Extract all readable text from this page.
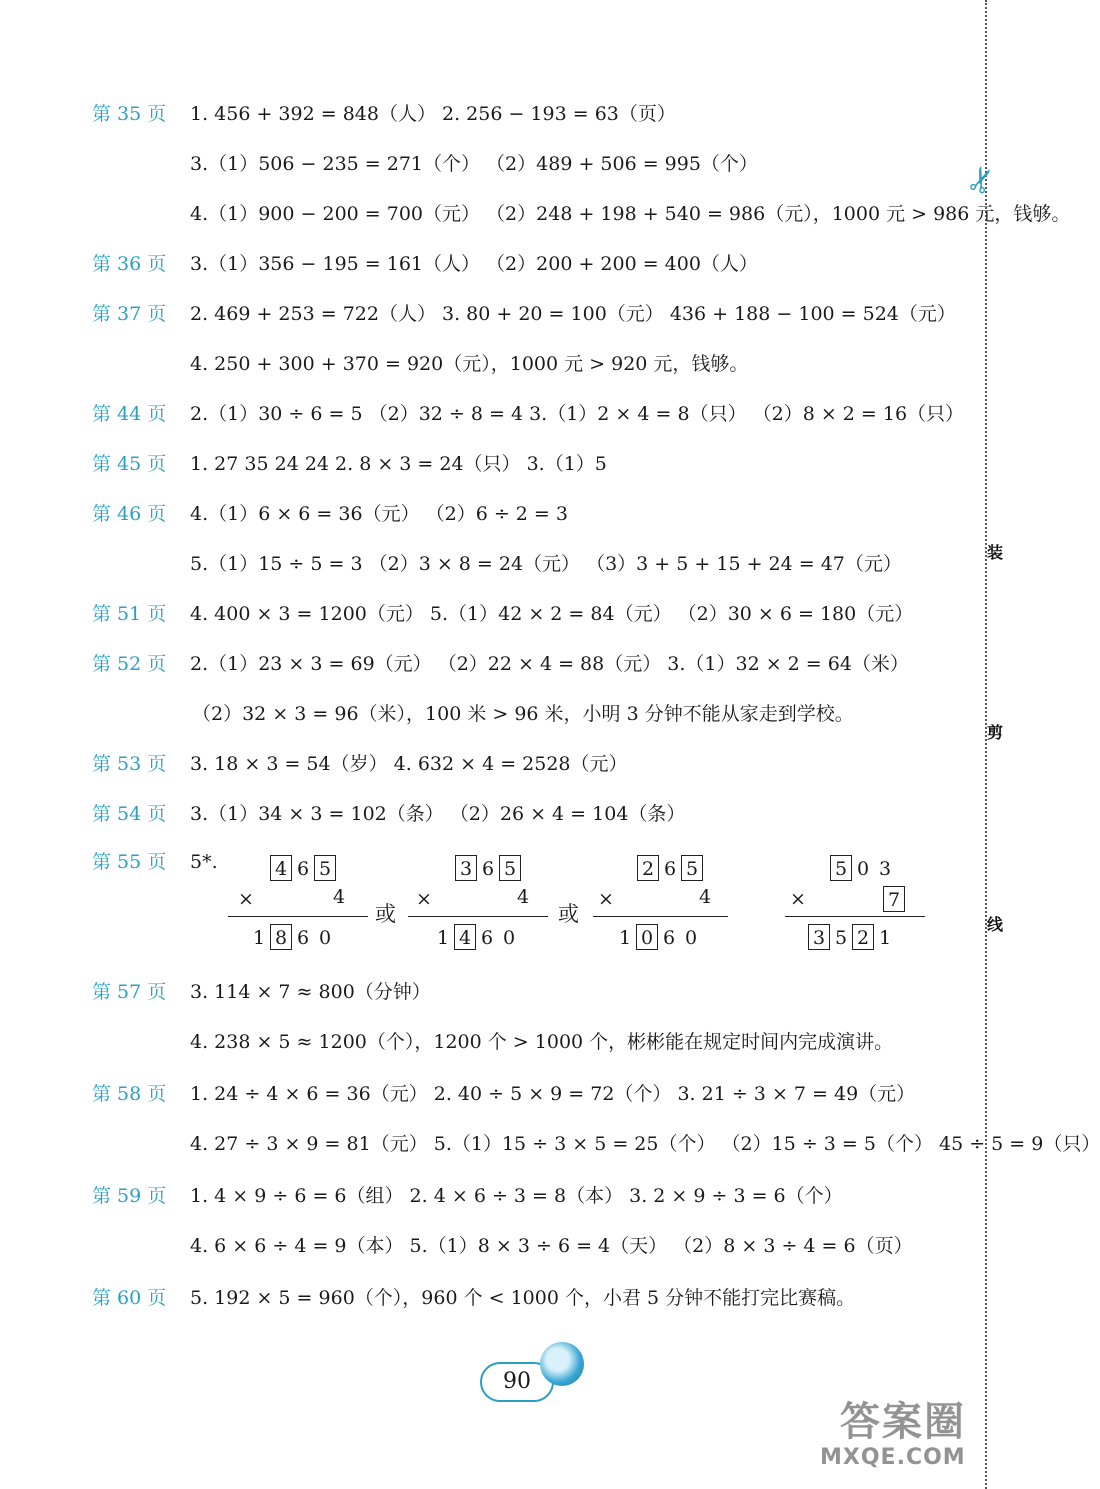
✂
装
剪
线
第 35 页 1. 456 + 392 = 848（人） 2. 256 − 193 = 63（页）
3.（1）506 − 235 = 271（个） （2）489 + 506 = 995（个）
4.（1）900 − 200 = 700（元） （2）248 + 198 + 540 = 986（元），1000 元 > 986 元，钱够。
第 36 页 3.（1）356 − 195 = 161（人） （2）200 + 200 = 400（人）
第 37 页 2. 469 + 253 = 722（人） 3. 80 + 20 = 100（元） 436 + 188 − 100 = 524（元）
4. 250 + 300 + 370 = 920（元），1000 元 > 920 元，钱够。
第 44 页 2.（1）30 ÷ 6 = 5 （2）32 ÷ 8 = 4 3.（1）2 × 4 = 8（只） （2）8 × 2 = 16（只）
第 45 页 1. 27 35 24 24 2. 8 × 3 = 24（只） 3.（1）5
第 46 页 4.（1）6 × 6 = 36（元） （2）6 ÷ 2 = 3
5.（1）15 ÷ 5 = 3 （2）3 × 8 = 24（元） （3）3 + 5 + 15 + 24 = 47（元）
第 51 页 4. 400 × 3 = 1200（元） 5.（1）42 × 2 = 84（元） （2）30 × 6 = 180（元）
第 52 页 2.（1）23 × 3 = 69（元） （2）22 × 4 = 88（元） 3.（1）32 × 2 = 64（米）
（2）32 × 3 = 96（米），100 米 > 96 米，小明 3 分钟不能从家走到学校。
第 53 页 3. 18 × 3 = 54（岁） 4. 632 × 4 = 2528（元）
第 54 页 3.（1）34 × 3 = 102（条） （2）26 × 4 = 104（条）
第 55 页 5*.
第 57 页 3. 114 × 7 ≈ 800（分钟）
4. 238 × 5 ≈ 1200（个），1200 个 > 1000 个，彬彬能在规定时间内完成演讲。
第 58 页 1. 24 ÷ 4 × 6 = 36（元） 2. 40 ÷ 5 × 9 = 72（个） 3. 21 ÷ 3 × 7 = 49（元）
4. 27 ÷ 3 × 9 = 81（元） 5.（1）15 ÷ 3 × 5 = 25（个） （2）15 ÷ 3 = 5（个） 45 ÷ 5 = 9（只）
第 59 页 1. 4 × 9 ÷ 6 = 6（组） 2. 4 × 6 ÷ 3 = 8（本） 3. 2 × 9 ÷ 3 = 6（个）
4. 6 × 6 ÷ 4 = 9（本） 5.（1）8 × 3 ÷ 6 = 4（天） （2）8 × 3 ÷ 4 = 6（页）
第 60 页 5. 192 × 5 = 960（个），960 个 < 1000 个，小君 5 分钟不能打完比赛稿。
4 6 5
×	4
1 8 6 0
3 6 5
×	4
1 4 6 0
2 6 5
×	4
1 0 6 0
5 0 3
×	7
3 5 2 1
或	或
90
答案圈
MXQE.COM
